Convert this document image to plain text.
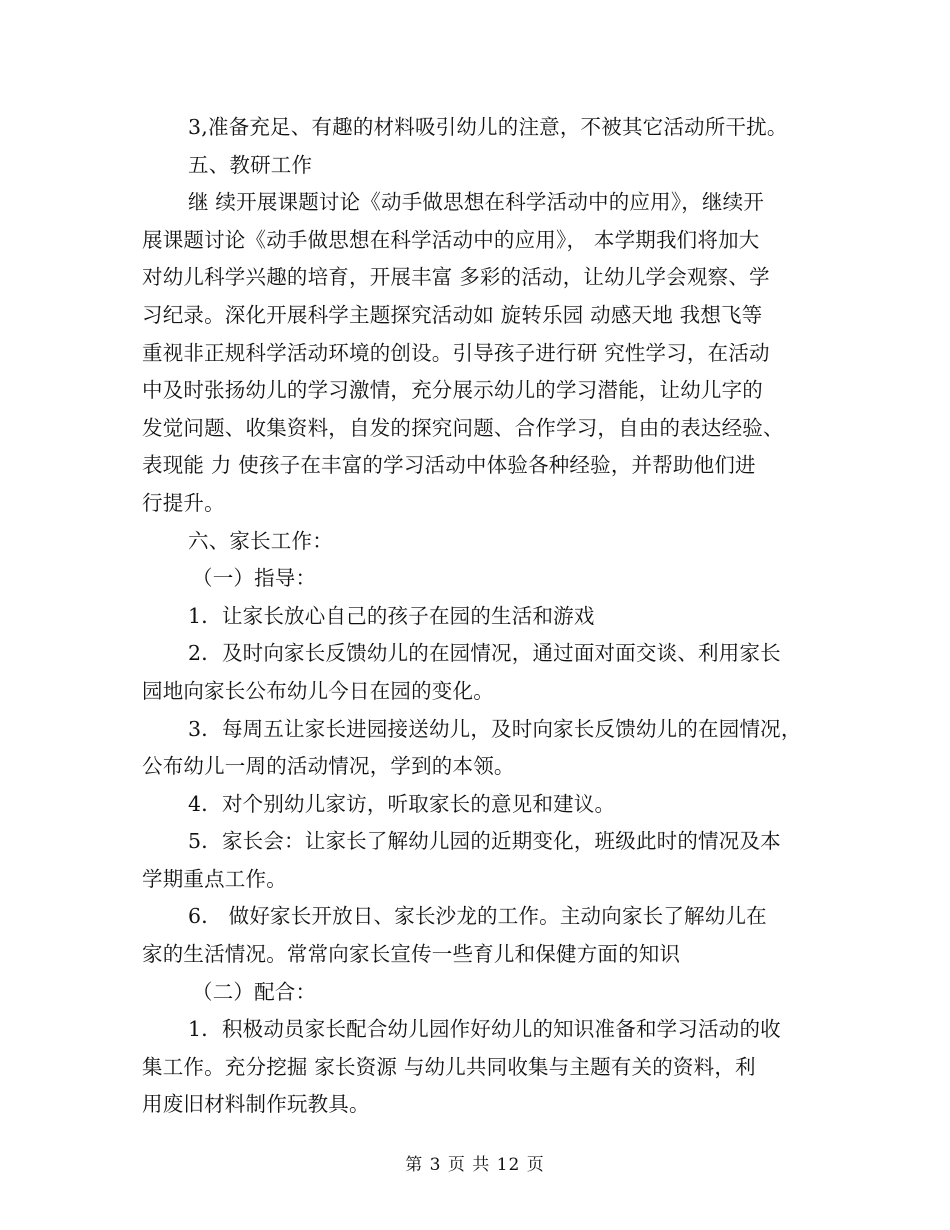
3,准备充足、有趣的材料吸引幼儿的注意，不被其它活动所干扰。
五、教研工作
继 续开展课题讨论《动手做思想在科学活动中的应用》，继续开
展课题讨论《动手做思想在科学活动中的应用》， 本学期我们将加大
对幼儿科学兴趣的培育，开展丰富 多彩的活动，让幼儿学会观察、学
习纪录。深化开展科学主题探究活动如 旋转乐园 动感天地 我想飞等
重视非正规科学活动环境的创设。引导孩子进行研 究性学习，在活动
中及时张扬幼儿的学习激情，充分展示幼儿的学习潜能，让幼儿字的
发觉问题、收集资料，自发的探究问题、合作学习，自由的表达经验、
表现能 力 使孩子在丰富的学习活动中体验各种经验，并帮助他们进
行提升。
六、家长工作：
（一）指导：
1．让家长放心自己的孩子在园的生活和游戏
2．及时向家长反馈幼儿的在园情况，通过面对面交谈、利用家长
园地向家长公布幼儿今日在园的变化。
3．每周五让家长进园接送幼儿，及时向家长反馈幼儿的在园情况，
公布幼儿一周的活动情况，学到的本领。
4．对个别幼儿家访，听取家长的意见和建议。
5．家长会：让家长了解幼儿园的近期变化，班级此时的情况及本
学期重点工作。
6． 做好家长开放日、家长沙龙的工作。主动向家长了解幼儿在
家的生活情况。常常向家长宣传一些育儿和保健方面的知识
（二）配合：
1．积极动员家长配合幼儿园作好幼儿的知识准备和学习活动的收
集工作。充分挖掘 家长资源 与幼儿共同收集与主题有关的资料，利
用废旧材料制作玩教具。
第 3 页 共 12 页
